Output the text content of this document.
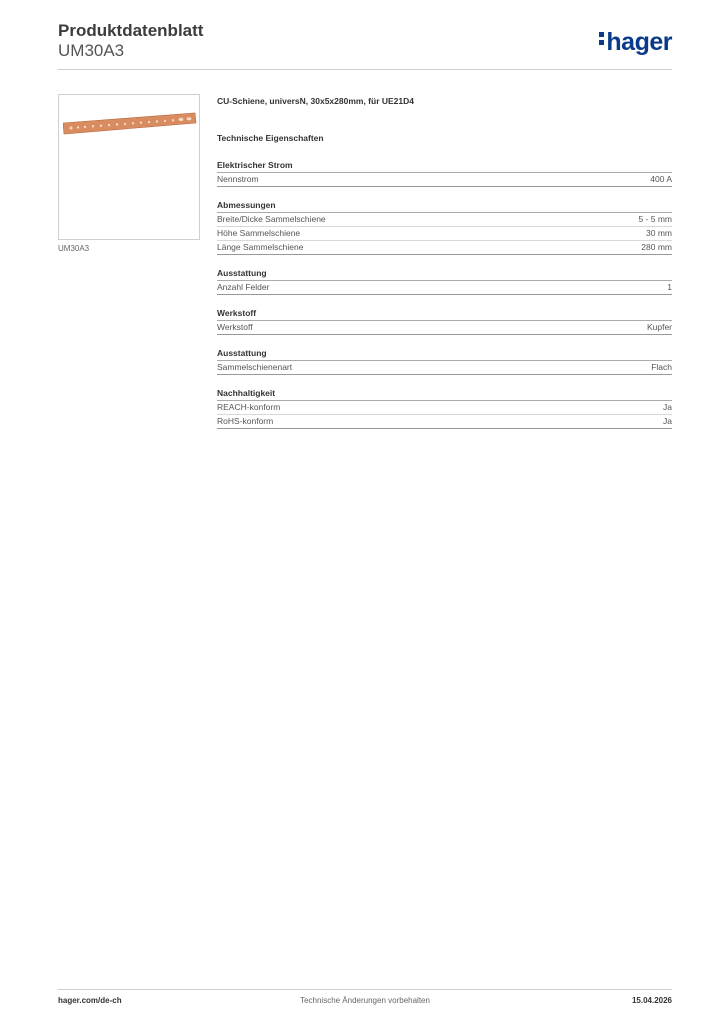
Produktdatenblatt
UM30A3	hager
UM30A3
CU-Schiene, universN, 30x5x280mm, für UE21D4
Technische Eigenschaften
Elektrischer Strom
Nennstrom	400 A
Abmessungen
Breite/Dicke Sammelschiene	5 - 5 mm
Höhe Sammelschiene	30 mm
Länge Sammelschiene	280 mm
Ausstattung
Anzahl Felder	1
Werkstoff
Werkstoff	Kupfer
Ausstattung
Sammelschienenart	Flach
Nachhaltigkeit
REACH-konform	Ja
RoHS-konform	Ja
hager.com/de-ch	Technische Änderungen vorbehalten	15.04.2026
